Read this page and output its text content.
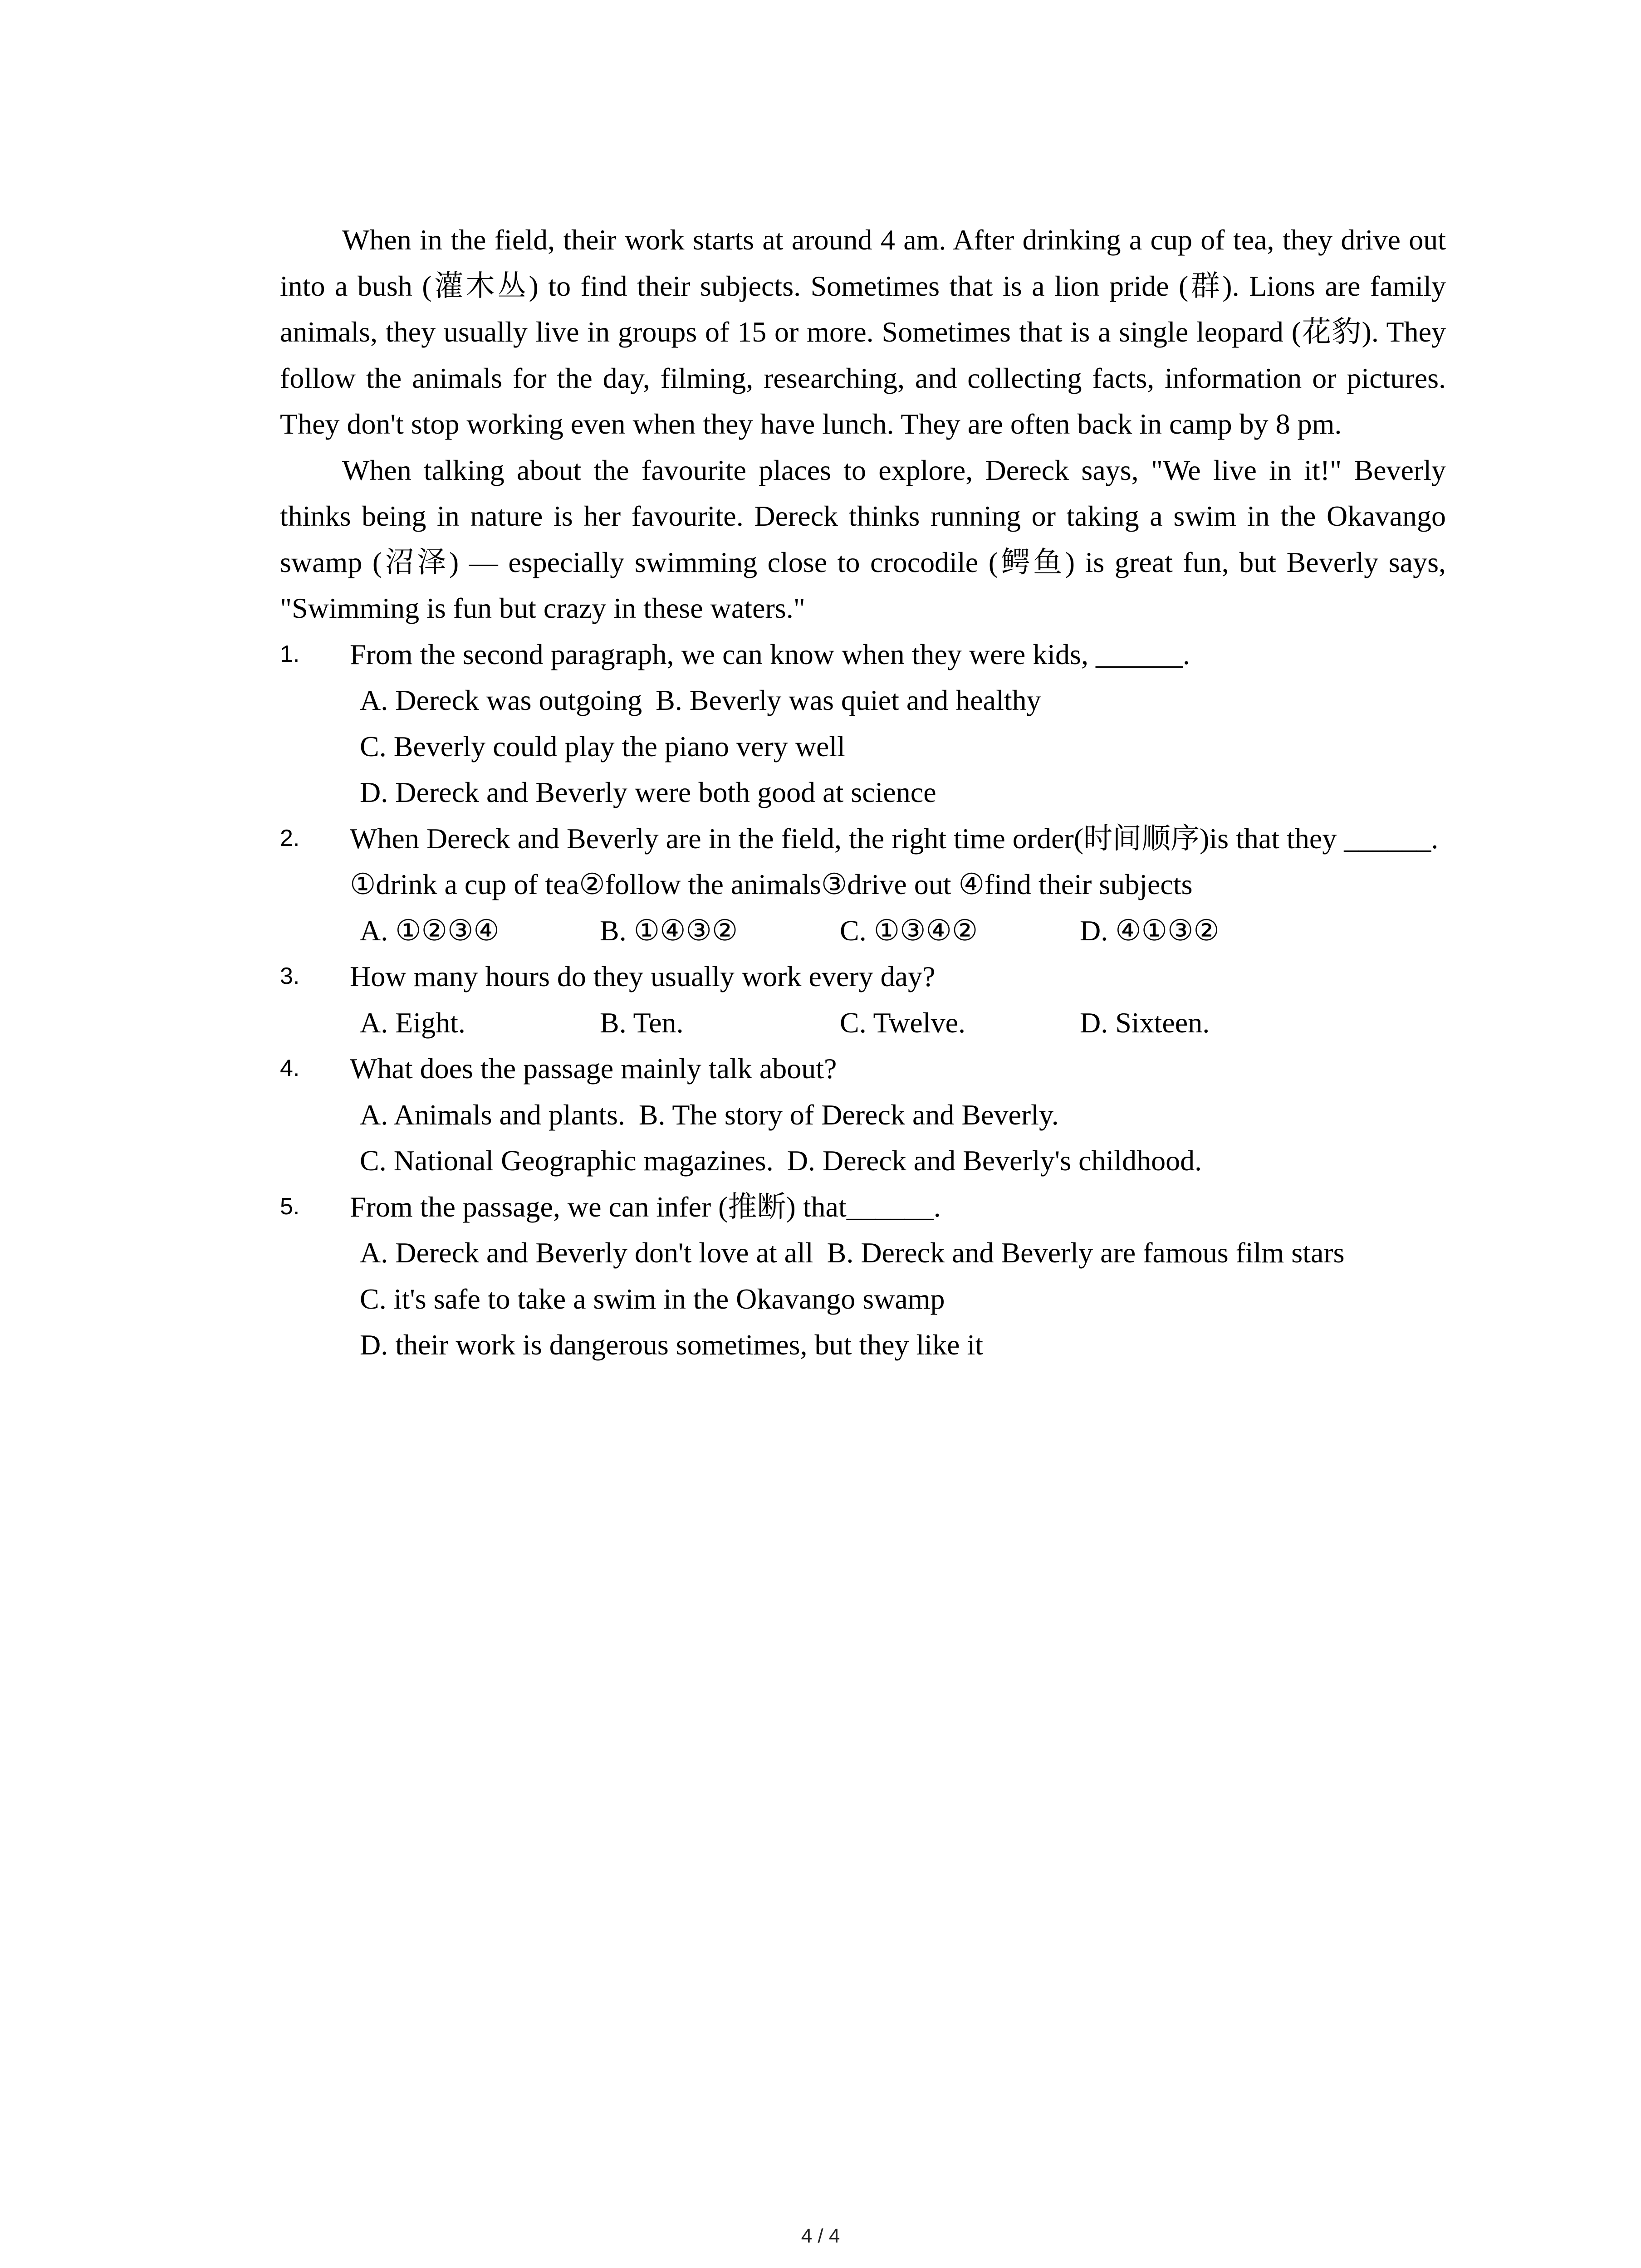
When in the field, their work starts at around 4 am. After drinking a cup of tea, they drive out into a bush (灌木丛) to find their subjects. Sometimes that is a lion pride (群). Lions are family animals, they usually live in groups of 15 or more. Sometimes that is a single leopard (花豹). They follow the animals for the day, filming, researching, and collecting facts, information or pictures. They don't stop working even when they have lunch. They are often back in camp by 8 pm.

When talking about the favourite places to explore, Dereck says, "We live in it!" Beverly thinks being in nature is her favourite. Dereck thinks running or taking a swim in the Okavango swamp (沼泽) — especially swimming close to crocodile (鳄鱼) is great fun, but Beverly says, "Swimming is fun but crazy in these waters."

1. From the second paragraph, we can know when they were kids, ______.
A. Dereck was outgoing B. Beverly was quiet and healthy
C. Beverly could play the piano very well
D. Dereck and Beverly were both good at science
2. When Dereck and Beverly are in the field, the right time order(时间顺序)is that they ______.
①drink a cup of tea②follow the animals③drive out ④find their subjects
A. ①②③④	B. ①④③②	C. ①③④②	D. ④①③②
3. How many hours do they usually work every day?
A. Eight.	B. Ten.	C. Twelve.	D. Sixteen.
4. What does the passage mainly talk about?
A. Animals and plants. B. The story of Dereck and Beverly.
C. National Geographic magazines. D. Dereck and Beverly's childhood.
5. From the passage, we can infer (推断) that______.
A. Dereck and Beverly don't love at all B. Dereck and Beverly are famous film stars
C. it's safe to take a swim in the Okavango swamp
D. their work is dangerous sometimes, but they like it
4 / 4
